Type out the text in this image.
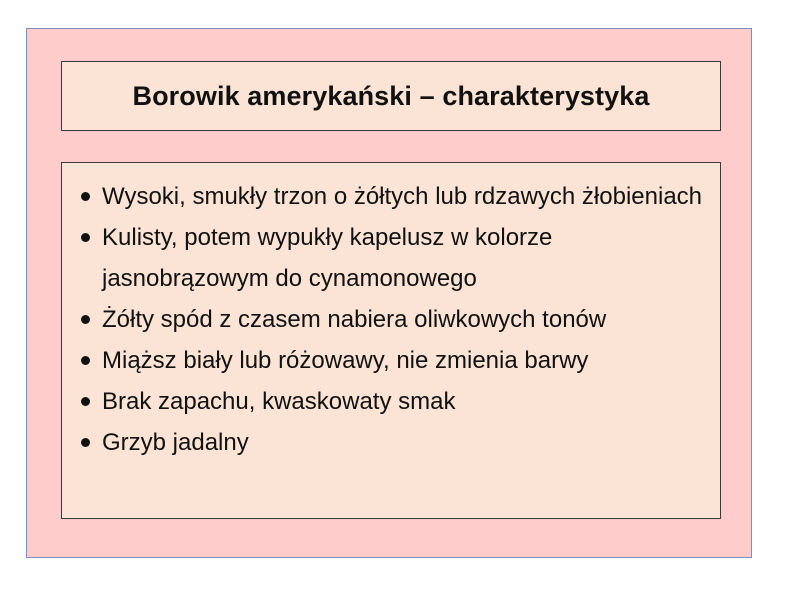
Borowik amerykański – charakterystyka
Wysoki, smukły trzon o żółtych lub rdzawych żłobieniach
Kulisty, potem wypukły kapelusz w kolorze jasnobrązowym do cynamonowego
Żółty spód z czasem nabiera oliwkowych tonów
Miąższ biały lub różowawy, nie zmienia barwy
Brak zapachu, kwaskowaty smak
Grzyb jadalny
